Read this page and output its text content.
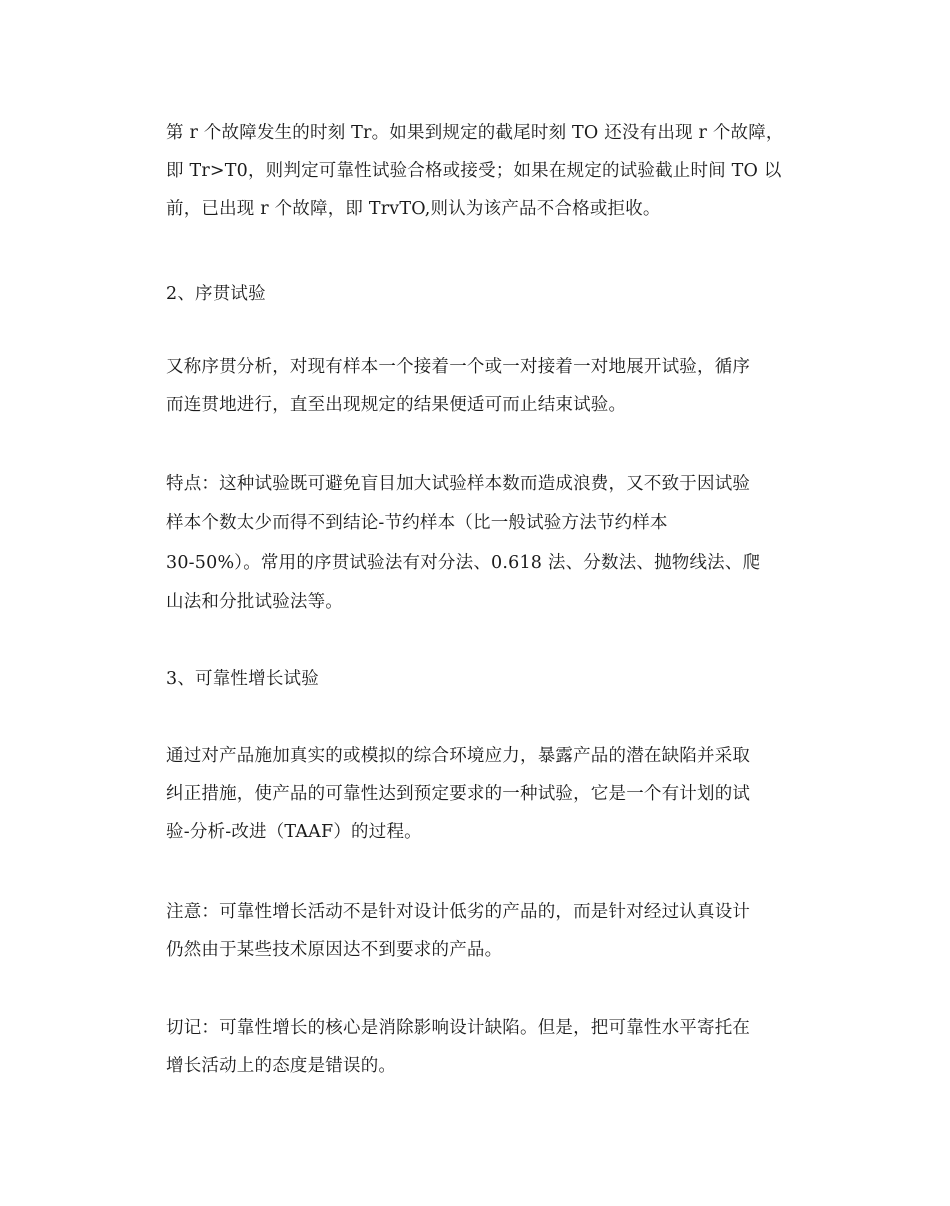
第 r 个故障发生的时刻 Tr。如果到规定的截尾时刻 TO 还没有出现 r 个故障，
即 Tr>T0，则判定可靠性试验合格或接受；如果在规定的试验截止时间 TO 以
前，已出现 r 个故障，即 TrvTO,则认为该产品不合格或拒收。
2、序贯试验
又称序贯分析，对现有样本一个接着一个或一对接着一对地展开试验，循序
而连贯地进行，直至出现规定的结果便适可而止结束试验。
特点：这种试验既可避免盲目加大试验样本数而造成浪费，又不致于因试验
样本个数太少而得不到结论-节约样本（比一般试验方法节约样本
30-50%）。常用的序贯试验法有对分法、0.618 法、分数法、抛物线法、爬
山法和分批试验法等。
3、可靠性增长试验
通过对产品施加真实的或模拟的综合环境应力，暴露产品的潜在缺陷并采取
纠正措施，使产品的可靠性达到预定要求的一种试验，它是一个有计划的试
验-分析-改进（TAAF）的过程。
注意：可靠性增长活动不是针对设计低劣的产品的，而是针对经过认真设计
仍然由于某些技术原因达不到要求的产品。
切记：可靠性增长的核心是消除影响设计缺陷。但是，把可靠性水平寄托在
增长活动上的态度是错误的。
